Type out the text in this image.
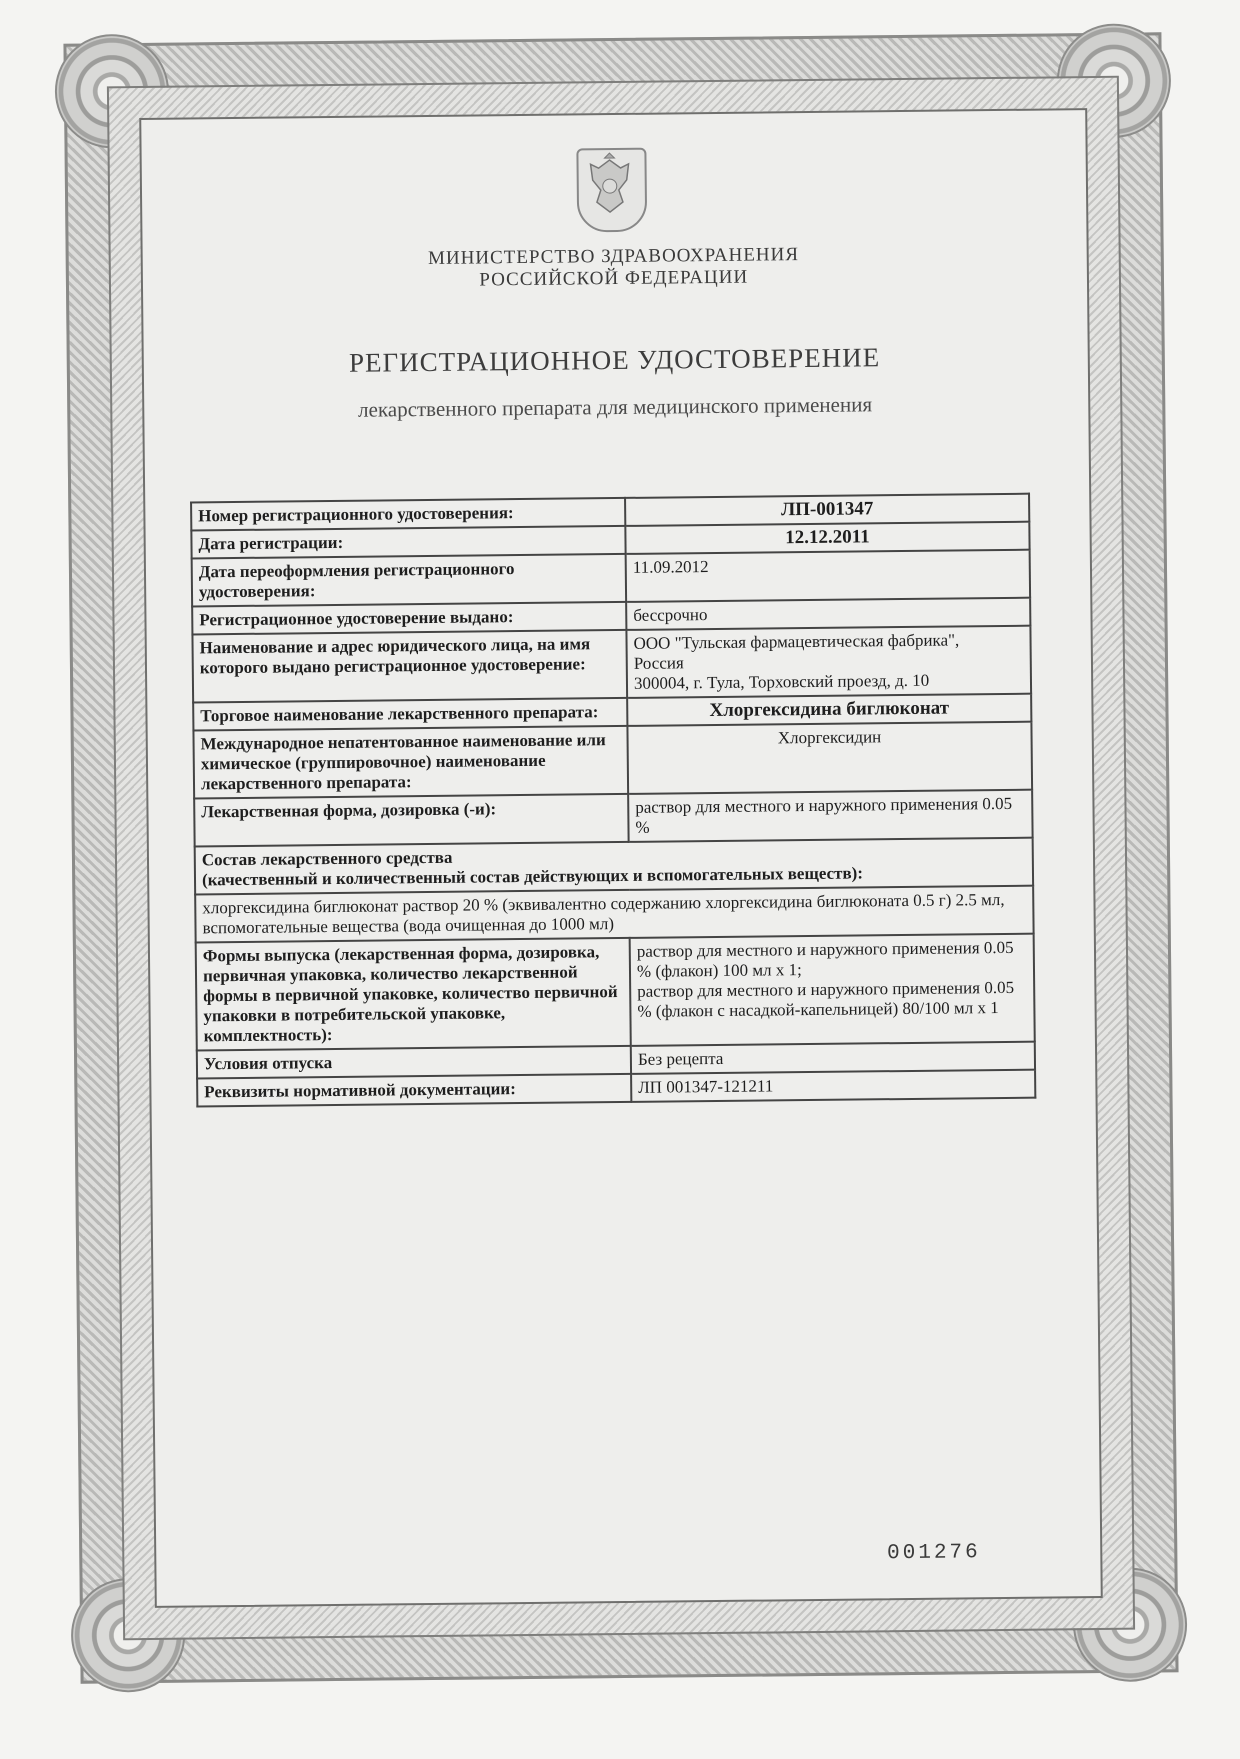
МИНИСТЕРСТВО ЗДРАВООХРАНЕНИЯ
РОССИЙСКОЙ ФЕДЕРАЦИИ
РЕГИСТРАЦИОННОЕ УДОСТОВЕРЕНИЕ
лекарственного препарата для медицинского применения
Номер регистрационного удостоверения:	ЛП-001347
Дата регистрации:	12.12.2011
Дата переоформления регистрационного удостоверения:	11.09.2012
Регистрационное удостоверение выдано:	бессрочно
Наименование и адрес юридического лица, на имя которого выдано регистрационное удостоверение:	ООО "Тульская фармацевтическая фабрика",
Россия
300004, г. Тула, Торховский проезд, д. 10

Торговое наименование лекарственного препарата:	Хлоргексидина биглюконат
Международное непатентованное наименование или химическое (группировочное) наименование лекарственного препарата:	Хлоргексидин
Лекарственная форма, дозировка (-и):	раствор для местного и наружного применения 0.05 %

Состав лекарственного средства
(качественный и количественный состав действующих и вспомогательных веществ):	

хлоргексидина биглюконат раствор 20 % (эквивалентно содержанию хлоргексидина биглюконата 0.5 г) 2.5 мл, вспомогательные вещества (вода очищенная до 1000 мл)	
Формы выпуска (лекарственная форма, дозировка, первичная упаковка, количество лекарственной формы в первичной упаковке, количество первичной упаковки в потребительской упаковке, комплектность):	раствор для местного и наружного применения 0.05 % (флакон) 100 мл x 1;
раствор для местного и наружного применения 0.05 % (флакон с насадкой-капельницей) 80/100 мл x 1

Условия отпуска	Без рецепта
Реквизиты нормативной документации:	ЛП 001347-121211
001276
